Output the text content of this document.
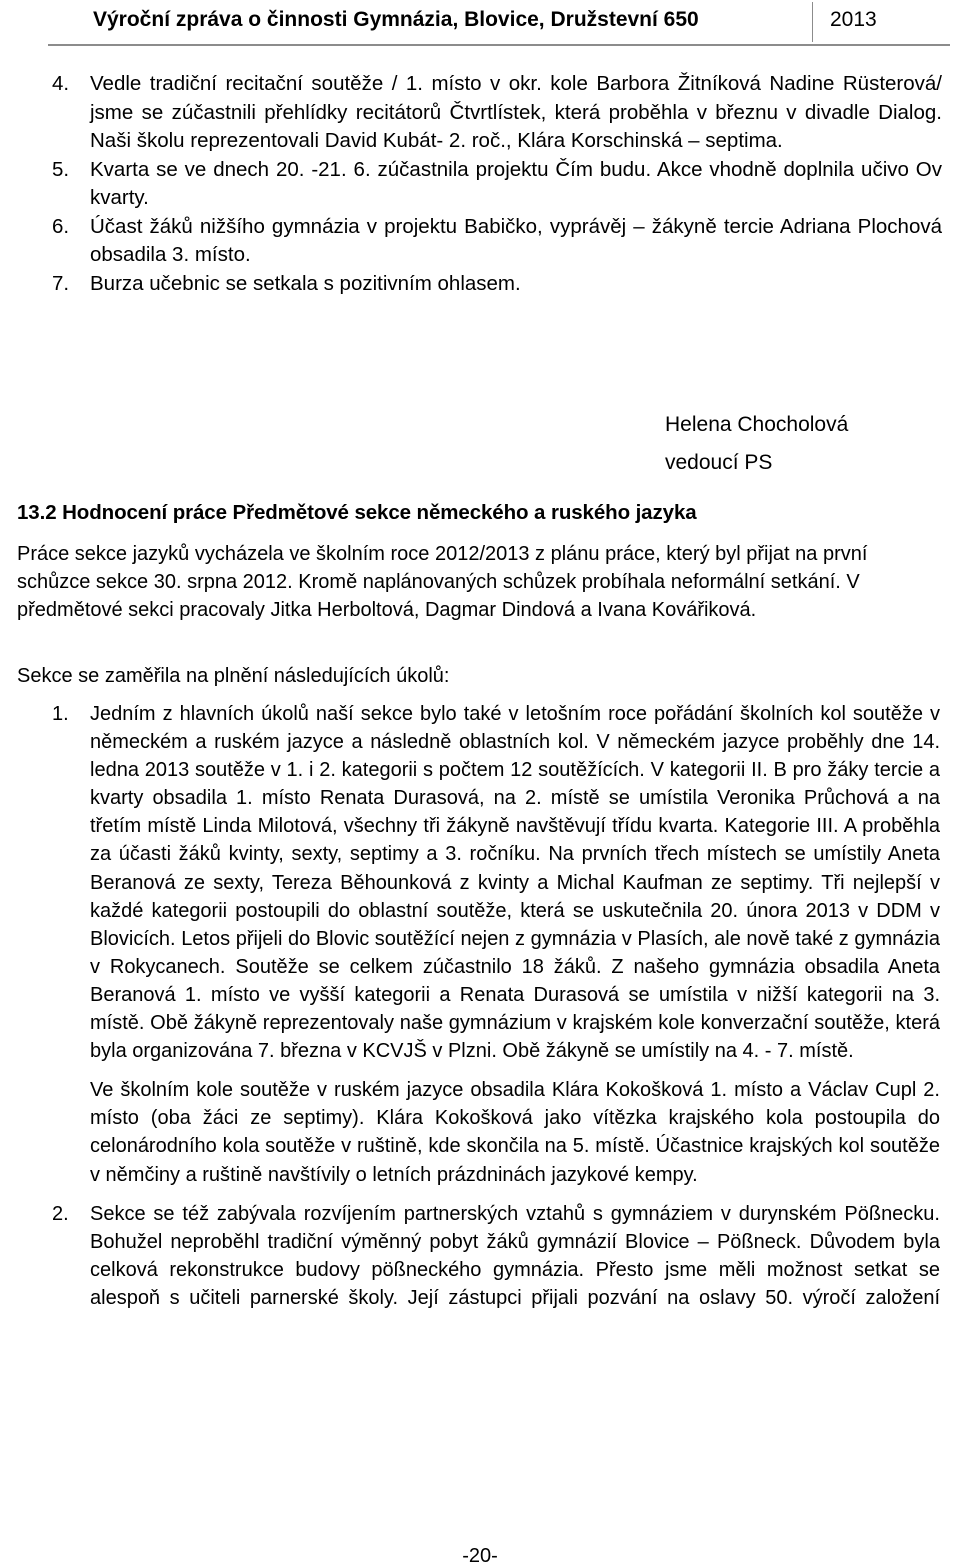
Výroční zpráva o činnosti Gymnázia, Blovice, Družstevní 650	2013
4. Vedle tradiční recitační soutěže / 1. místo v okr. kole Barbora Žitníková Nadine Rüsterová/ jsme se zúčastnili přehlídky recitátorů Čtvrtlístek, která proběhla v březnu v divadle Dialog. Naši školu reprezentovali David Kubát- 2. roč., Klára Korschinská – septima.
5. Kvarta se ve dnech 20. -21. 6. zúčastnila projektu Čím budu. Akce vhodně doplnila učivo Ov kvarty.
6. Účast žáků nižšího gymnázia v projektu Babičko, vyprávěj – žákyně tercie Adriana Plochová obsadila 3. místo.
7. Burza učebnic se setkala s pozitivním ohlasem.
Helena Chocholová
vedoucí PS
13.2 Hodnocení práce Předmětové sekce německého a ruského jazyka

Práce sekce jazyků vycházela ve školním roce 2012/2013 z plánu práce, který byl přijat na první schůzce sekce 30. srpna 2012. Kromě naplánovaných schůzek probíhala neformální setkání. V předmětové sekci pracovaly Jitka Herboltová, Dagmar Dindová a Ivana Kovářiková.

Sekce se zaměřila na plnění následujících úkolů:

1. Jedním z hlavních úkolů naší sekce bylo také v letošním roce pořádání školních kol soutěže v německém a ruském jazyce a následně oblastních kol. V německém jazyce proběhly dne 14. ledna 2013 soutěže v 1. i 2. kategorii s počtem 12 soutěžících. V kategorii II. B pro žáky tercie a kvarty obsadila 1. místo Renata Durasová, na 2. místě se umístila Veronika Průchová a na třetím místě Linda Milotová, všechny tři žákyně navštěvují třídu kvarta. Kategorie III. A proběhla za účasti žáků kvinty, sexty, septimy a 3. ročníku. Na prvních třech místech se umístily Aneta Beranová ze sexty, Tereza Běhounková z kvinty a Michal Kaufman ze septimy. Tři nejlepší v každé kategorii postoupili do oblastní soutěže, která se uskutečnila 20. února 2013 v DDM v Blovicích. Letos přijeli do Blovic soutěžící nejen z gymnázia v Plasích, ale nově také z gymnázia v Rokycanech. Soutěže se celkem zúčastnilo 18 žáků. Z našeho gymnázia obsadila Aneta Beranová 1. místo ve vyšší kategorii a Renata Durasová se umístila v nižší kategorii na 3. místě. Obě žákyně reprezentovaly naše gymnázium v krajském kole konverzační soutěže, která byla organizována 7. března v KCVJŠ v Plzni. Obě žákyně se umístily na 4. - 7. místě.

Ve školním kole soutěže v ruském jazyce obsadila Klára Kokošková 1. místo a Václav Cupl 2. místo (oba žáci ze septimy). Klára Kokošková jako vítězka krajského kola postoupila do celonárodního kola soutěže v ruštině, kde skončila na 5. místě. Účastnice krajských kol soutěže v němčiny a ruštině navštívily o letních prázdninách jazykové kempy.

2. Sekce se též zabývala rozvíjením partnerských vztahů s gymnáziem v durynském Pößnecku. Bohužel neproběhl tradiční výměnný pobyt žáků gymnázií Blovice – Pößneck. Důvodem byla celková rekonstrukce budovy pößneckého gymnázia. Přesto jsme měli možnost setkat se alespoň s učiteli parnerské školy. Její zástupci přijali pozvání na oslavy 50. výročí založení

-20-
